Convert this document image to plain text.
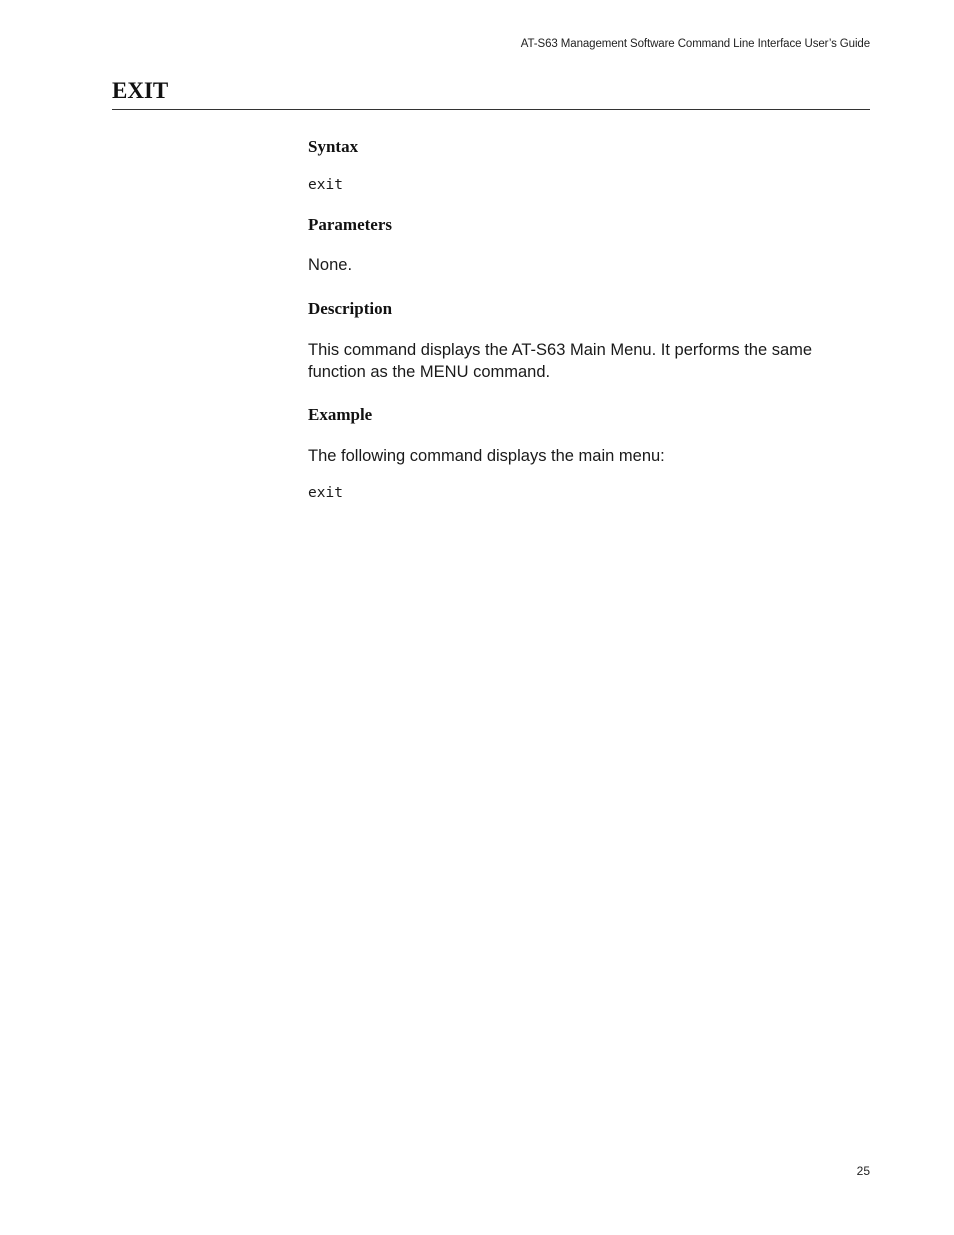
AT-S63 Management Software Command Line Interface User’s Guide
EXIT
Syntax
exit
Parameters

None.

Description

This command displays the AT-S63 Main Menu. It performs the same function as the MENU command.

Example

The following command displays the main menu:

exit
25
